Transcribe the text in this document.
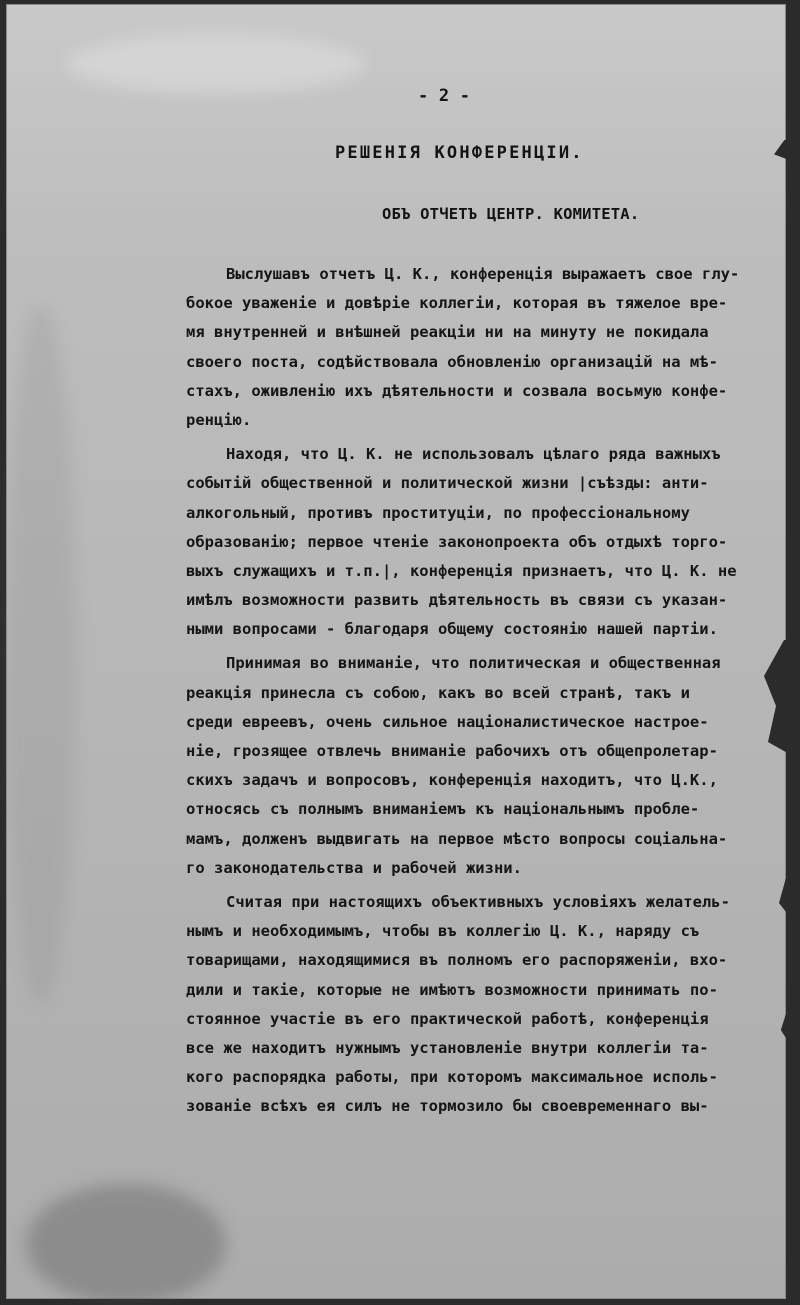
- 2 -
РЕШЕНІЯ КОНФЕРЕНЦІИ.
ОБЪ ОТЧЕТЪ ЦЕНТР. КОМИТЕТА.
Выслушавъ отчетъ Ц. К., конференція выражаетъ свое глу-
бокое уваженіе и довѣріе коллегіи, которая въ тяжелое вре-
мя внутренней и внѣшней реакціи ни на минуту не покидала
своего поста, содѣйствовала обновленію организацій на мѣ-
стахъ, оживленію ихъ дѣятельности и созвала восьмую конфе-
ренцію.
Находя, что Ц. К. не использовалъ цѣлаго ряда важныхъ
событій общественной и политической жизни |съѣзды: анти-
алкогольный, противъ проституціи, по профессіональному
образованію; первое чтеніе законопроекта объ отдыхѣ торго-
выхъ служащихъ и т.п.|, конференція признаетъ, что Ц. К. не
имѣлъ возможности развить дѣятельность въ связи съ указан-
ными вопросами - благодаря общему состоянію нашей партіи.
Принимая во вниманіе, что политическая и общественная
реакція принесла съ собою, какъ во всей странѣ, такъ и
среди евреевъ, очень сильное націоналистическое настрое-
ніе, грозящее отвлечь вниманіе рабочихъ отъ общепролетар-
скихъ задачъ и вопросовъ, конференція находитъ, что Ц.К.,
относясь съ полнымъ вниманіемъ къ національнымъ пробле-
мамъ, долженъ выдвигать на первое мѣсто вопросы соціальна-
го законодательства и рабочей жизни.
Считая при настоящихъ объективныхъ условіяхъ желатель-
нымъ и необходимымъ, чтобы въ коллегію Ц. К., наряду съ
товарищами, находящимися въ полномъ его распоряженіи, вхо-
дили и такіе, которые не имѣютъ возможности принимать по-
стоянное участіе въ его практической работѣ, конференція
все же находитъ нужнымъ установленіе внутри коллегіи та-
кого распорядка работы, при которомъ максимальное исполь-
зованіе всѣхъ ея силъ не тормозило бы своевременнаго вы-
